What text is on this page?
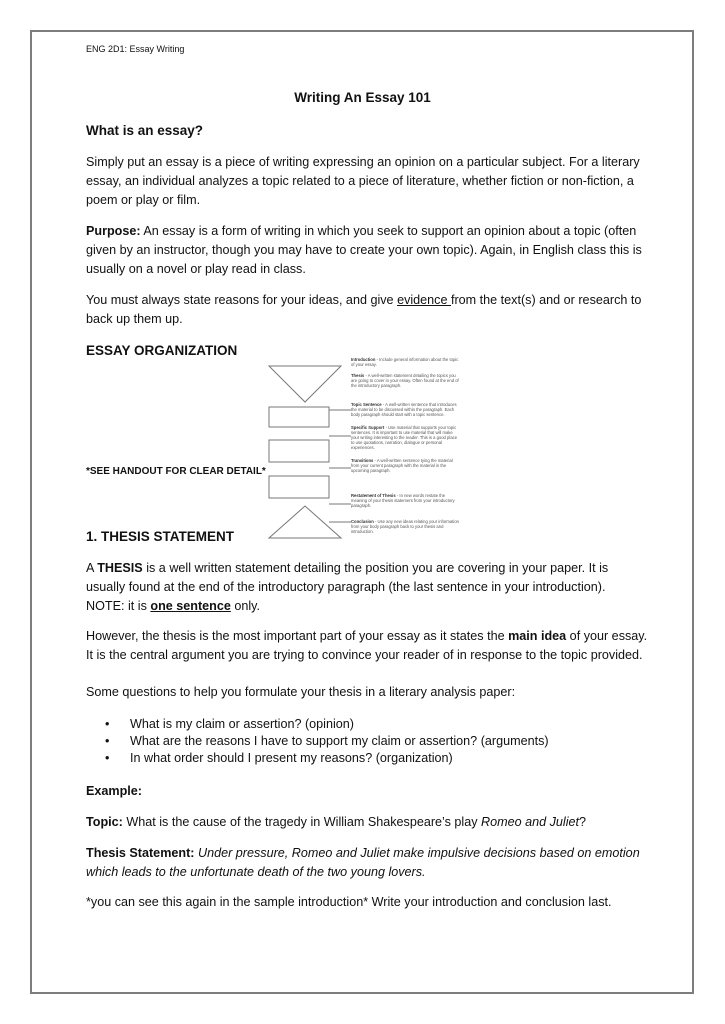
ENG 2D1: Essay Writing
Writing An Essay 101
What is an essay?
Simply put an essay is a piece of writing expressing an opinion on a particular subject. For a literary
essay, an individual analyzes a topic related to a piece of literature, whether fiction or non-fiction, a
poem or play or film.
Purpose: An essay is a form of writing in which you seek to support an opinion about a topic (often
given by an instructor, though you may have to create your own topic). Again, in English class this is
usually on a novel or play read in class.
You must always state reasons for your ideas, and give evidence from the text(s) and or research to
back up them up.
ESSAY ORGANIZATION
*SEE HANDOUT FOR CLEAR DETAIL*
Introduction - Include general information about the topic of your essay.
Thesis - A well-written statement detailing the topics you are going to cover in your essay. Often found at the end of the introductory paragraph.
Topic Sentence - A well-written sentence that introduces the material to be discussed within the paragraph. Each body paragraph should start with a topic sentence.
Specific Support - Use material that supports your topic sentences. It is important to use material that will make your writing interesting to the reader. This is a good place to use quotations, narration, dialogue or personal experiences.
Transitions - A well-written sentence tying the material from your current paragraph with the material in the upcoming paragraph.
Restatement of Thesis - In new words restate the meaning of your thesis statement from your introductory paragraph.
Conclusion - Use any new ideas relating your information from your body paragraph back to your thesis and introduction.
1. THESIS STATEMENT
A THESIS is a well written statement detailing the position you are covering in your paper. It is
usually found at the end of the introductory paragraph (the last sentence in your introduction).
NOTE: it is one sentence only.
However, the thesis is the most important part of your essay as it states the main idea of your essay.
It is the central argument you are trying to convince your reader of in response to the topic provided.
Some questions to help you formulate your thesis in a literary analysis paper:
• What is my claim or assertion? (opinion)
• What are the reasons I have to support my claim or assertion? (arguments)
• In what order should I present my reasons? (organization)
Example:
Topic: What is the cause of the tragedy in William Shakespeare’s play Romeo and Juliet?
Thesis Statement: Under pressure, Romeo and Juliet make impulsive decisions based on emotion
which leads to the unfortunate death of the two young lovers.
*you can see this again in the sample introduction* Write your introduction and conclusion last.
